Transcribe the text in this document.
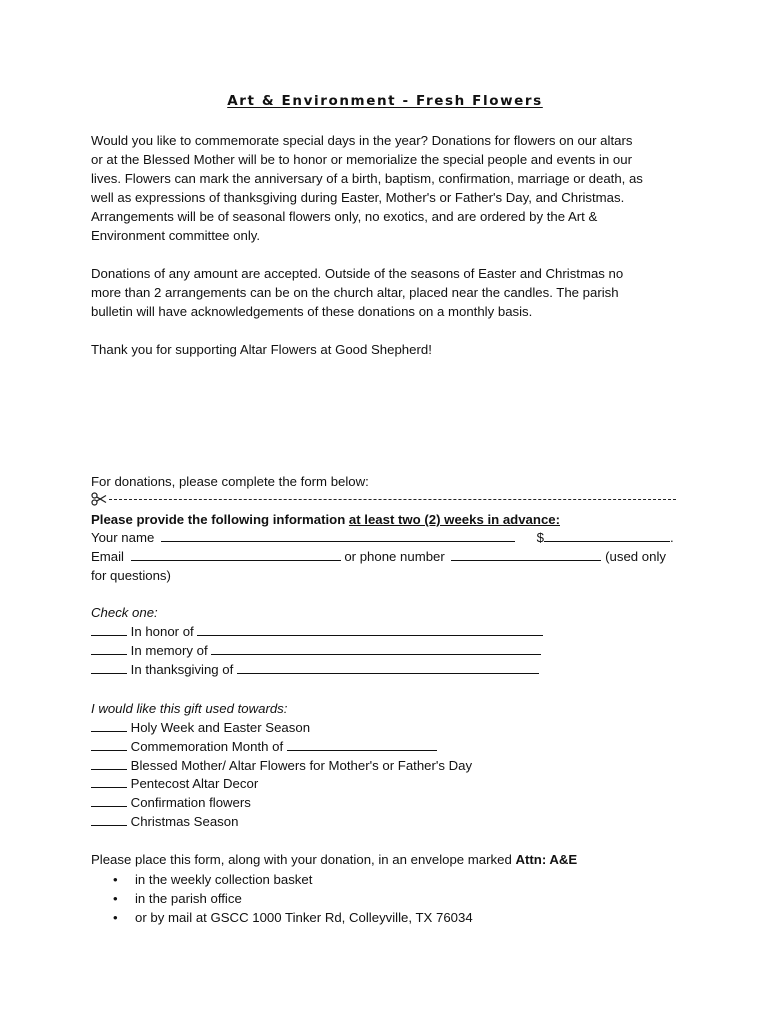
Art & Environment - Fresh Flowers
Would you like to commemorate special days in the year? Donations for flowers on our altars
or at the Blessed Mother will be to honor or memorialize the special people and events in our
lives. Flowers can mark the anniversary of a birth, baptism, confirmation, marriage or death, as
well as expressions of thanksgiving during Easter, Mother's or Father's Day, and Christmas.
Arrangements will be of seasonal flowers only, no exotics, and are ordered by the Art &
Environment committee only.
Donations of any amount are accepted. Outside of the seasons of Easter and Christmas no
more than 2 arrangements can be on the church altar, placed near the candles. The parish
bulletin will have acknowledgements of these donations on a monthly basis.
Thank you for supporting Altar Flowers at Good Shepherd!
For donations, please complete the form below:
Please provide the following information at least two (2) weeks in advance:
Your name	$	.
Email	or phone number	(used only
for questions)
Check one:
In honor of
In memory of
In thanksgiving of
I would like this gift used towards:
Holy Week and Easter Season
Commemoration Month of
Blessed Mother/ Altar Flowers for Mother's or Father's Day
Pentecost Altar Decor
Confirmation flowers
Christmas Season
Please place this form, along with your donation, in an envelope marked Attn: A&E
• in the weekly collection basket
• in the parish office
• or by mail at GSCC 1000 Tinker Rd, Colleyville, TX 76034
